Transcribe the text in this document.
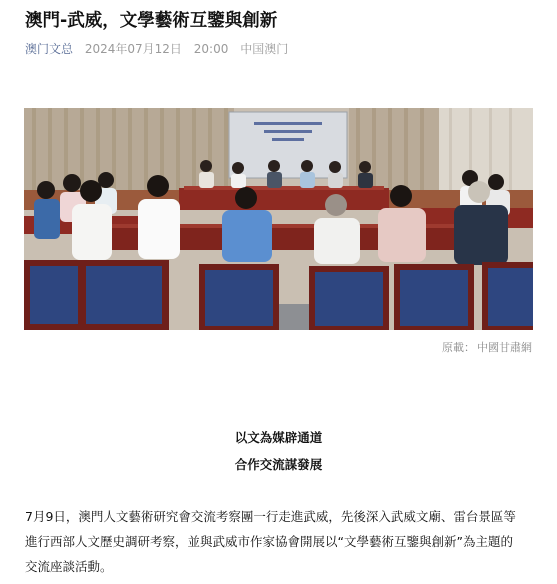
澳門-武威，文學藝術互鑒與創新
澳门文总 2024年07月12日 20:00 中国澳门
原載： 中國甘肅網
以文為媒辟通道
合作交流謀發展
7月9日，澳門人文藝術研究會交流考察團一行走進武威，先後深入武威文廟、雷台景區等
進行西部人文歷史調研考察，並與武威市作家協會開展以“文學藝術互鑒與創新”為主題的
交流座談活動。
